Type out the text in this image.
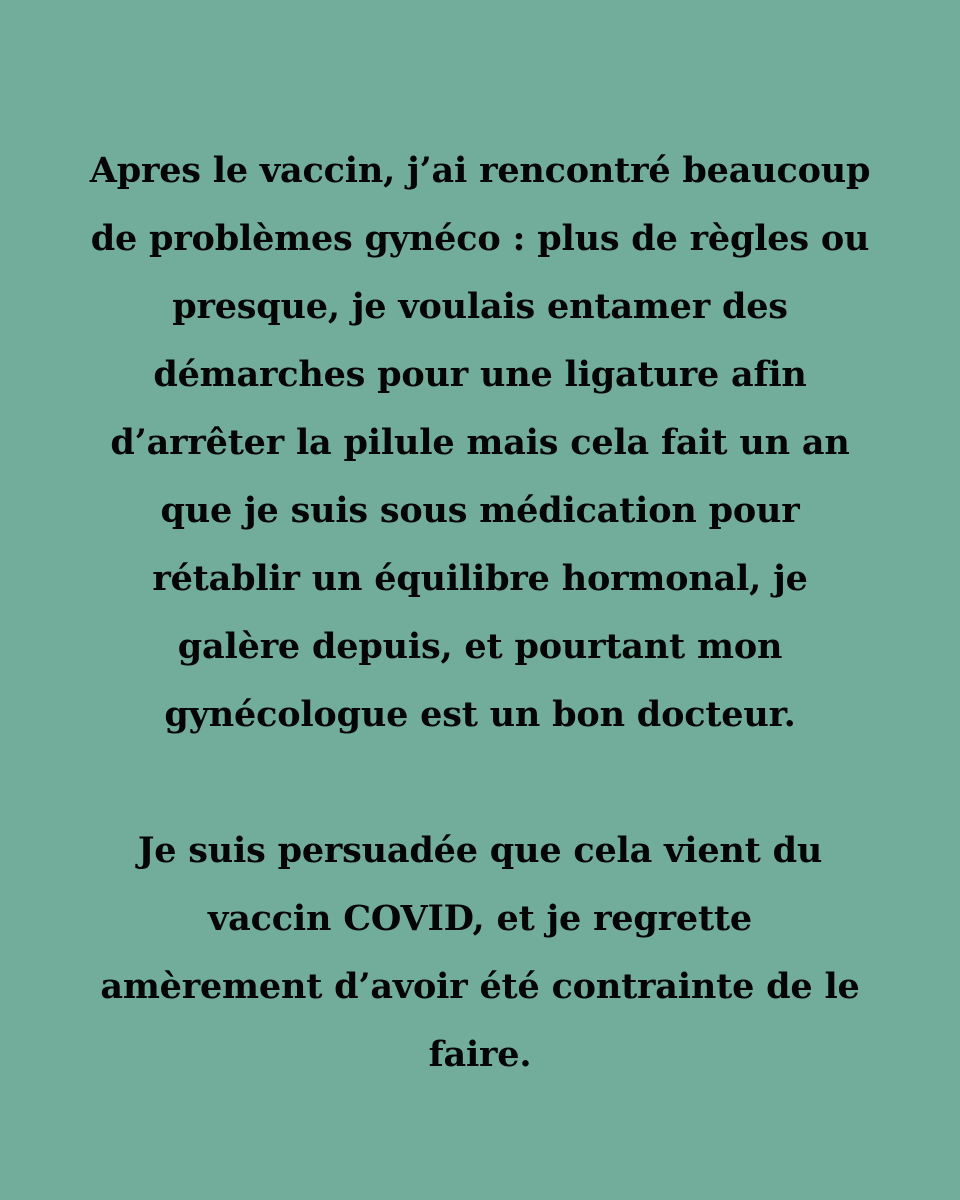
Apres le vaccin, j’ai rencontré beaucoup
de problèmes gynéco : plus de règles ou
presque, je voulais entamer des
démarches pour une ligature afin
d’arrêter la pilule mais cela fait un an
que je suis sous médication pour
rétablir un équilibre hormonal, je
galère depuis, et pourtant mon
gynécologue est un bon docteur.

Je suis persuadée que cela vient du
vaccin COVID, et je regrette
amèrement d’avoir été contrainte de le
faire.
